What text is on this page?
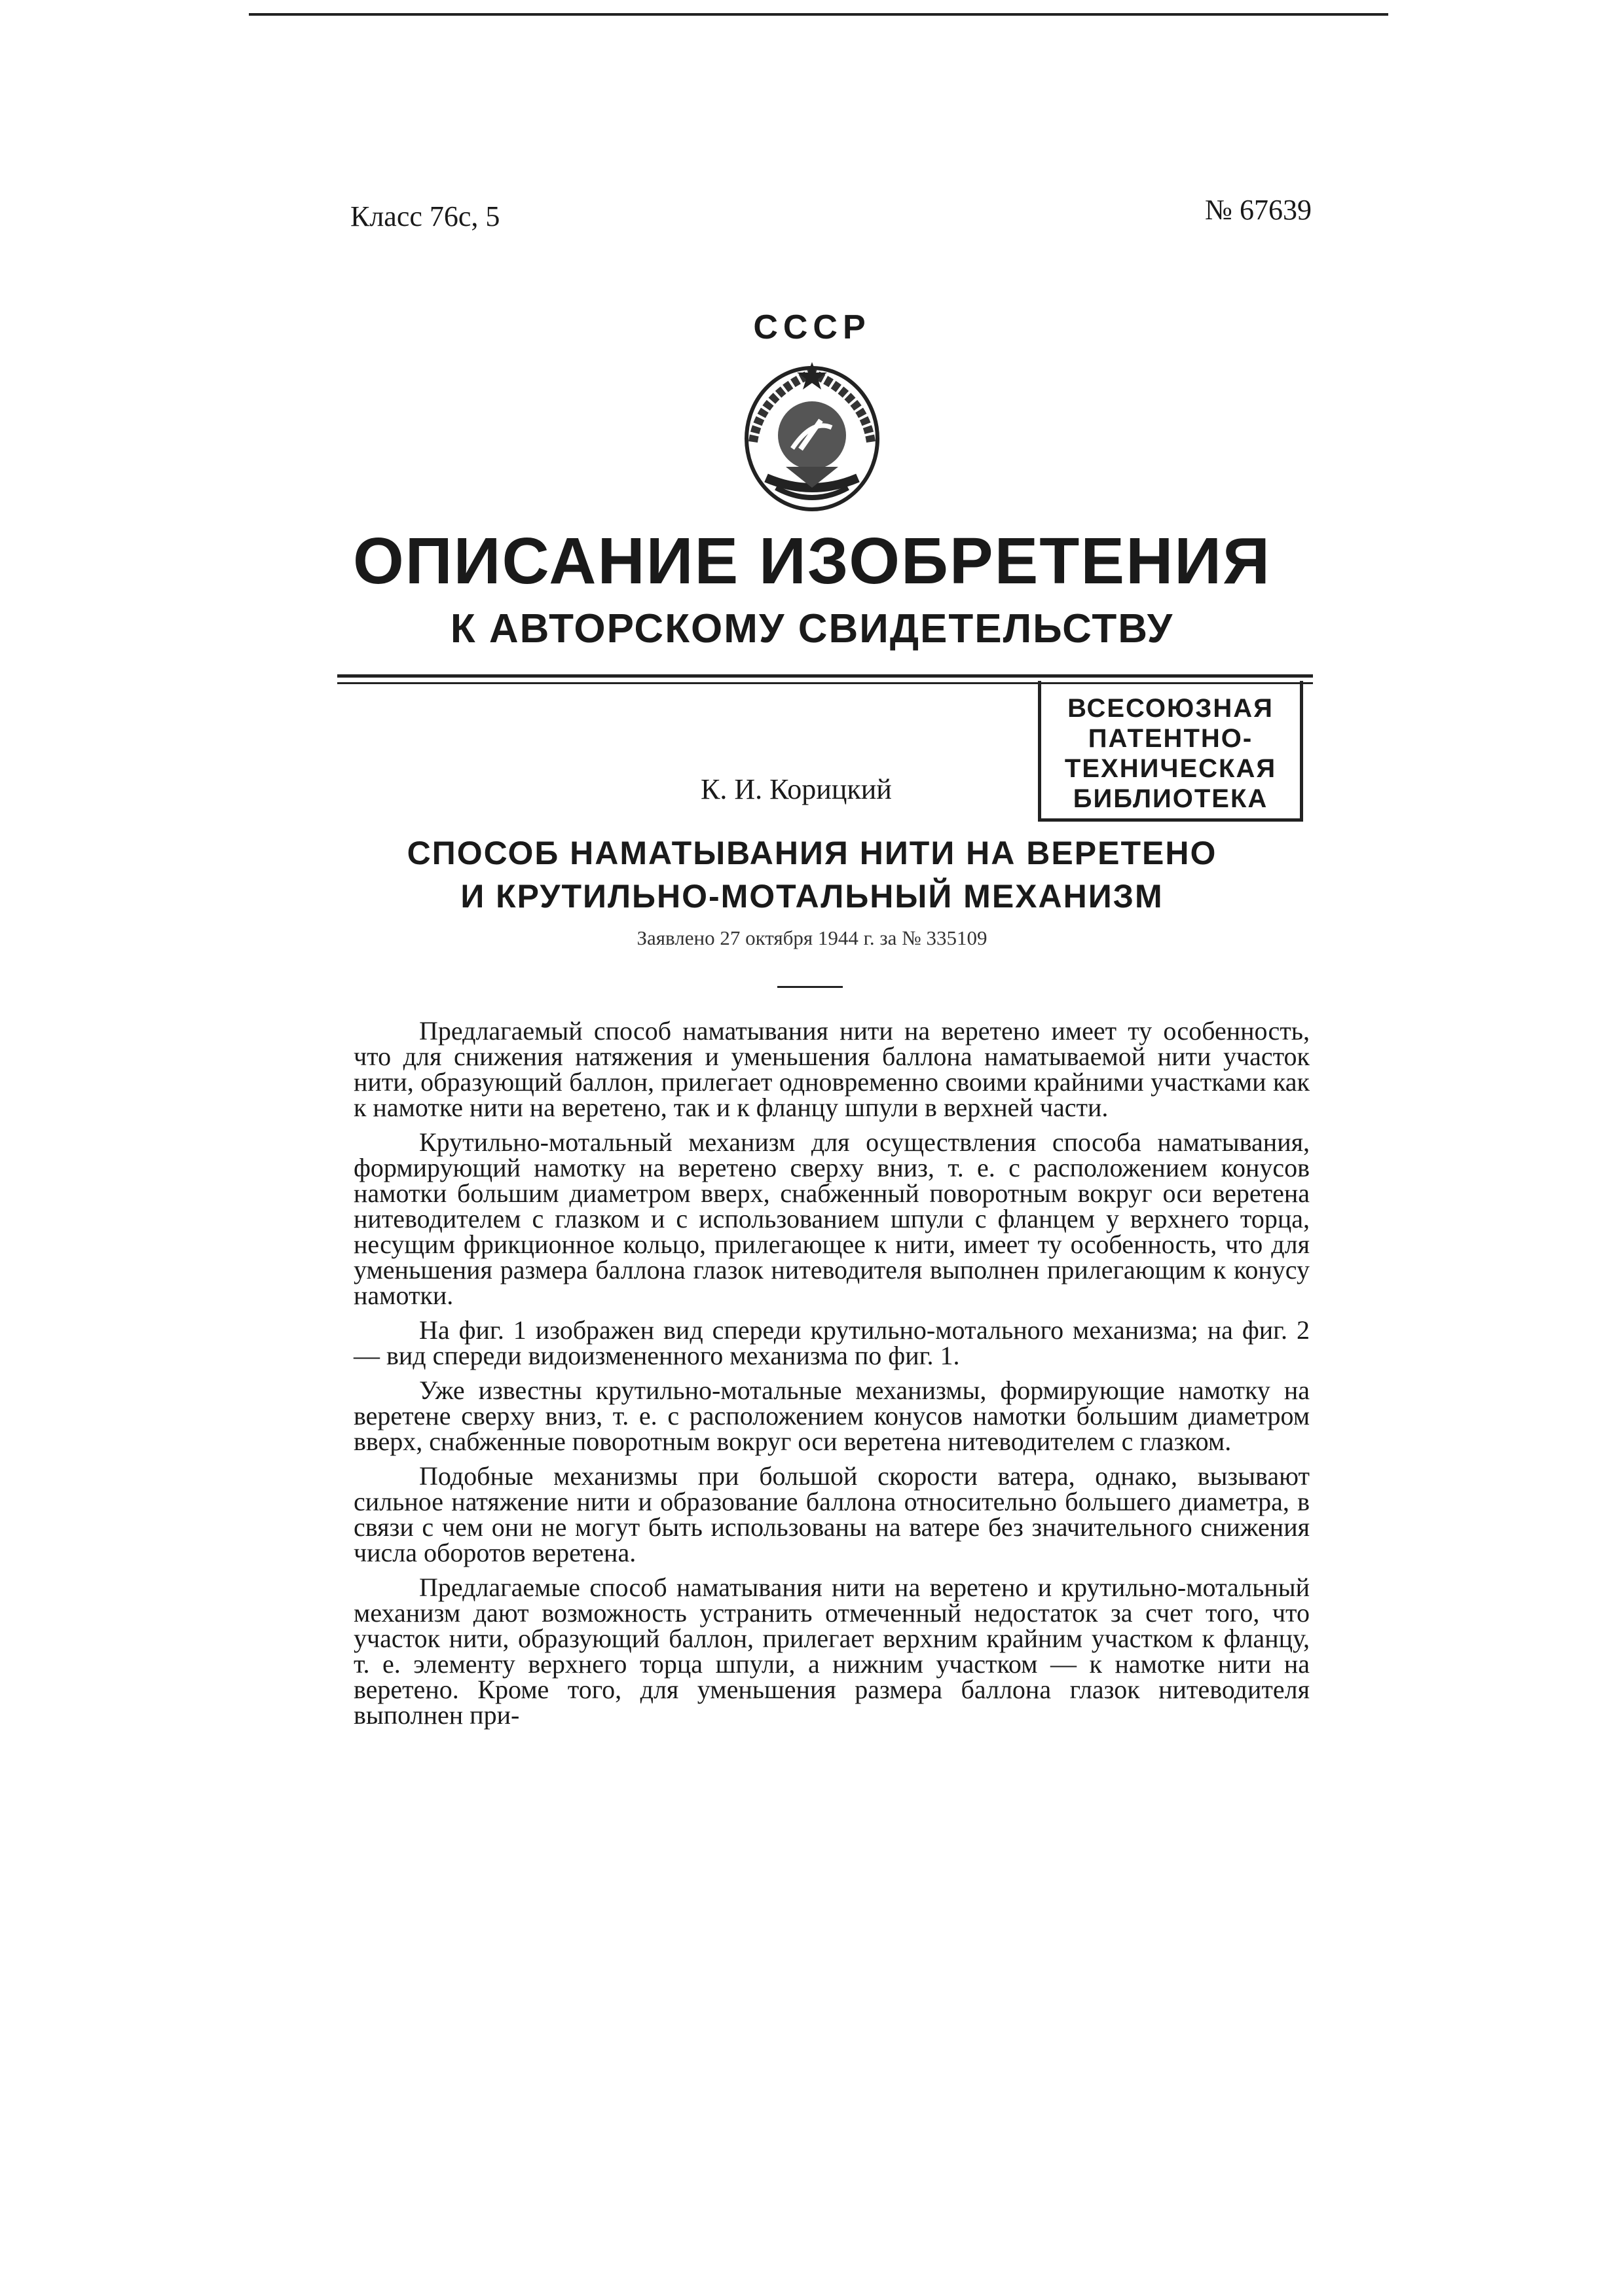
Класс 76с, 5	№ 67639
СССР
ОПИСАНИЕ ИЗОБРЕТЕНИЯ
К АВТОРСКОМУ СВИДЕТЕЛЬСТВУ
ВСЕСОЮЗНАЯ
ПАТЕНТНО-
ТЕХНИЧЕСКАЯ
БИБЛИОТЕКА
К. И. Корицкий
СПОСОБ НАМАТЫВАНИЯ НИТИ НА ВЕРЕТЕНО
И КРУТИЛЬНО-МОТАЛЬНЫЙ МЕХАНИЗМ
Заявлено 27 октября 1944 г. за № 335109

Предлагаемый способ наматывания нити на веретено имеет ту особенность, что для снижения натяжения и уменьшения баллона наматываемой нити участок нити, образующий баллон, прилегает одновременно своими крайними участками как к намотке нити на веретено, так и к фланцу шпули в верхней части.

Крутильно-мотальный механизм для осуществления способа наматывания, формирующий намотку на веретено сверху вниз, т. е. с расположением конусов намотки большим диаметром вверх, снабженный поворотным вокруг оси веретена нитеводителем с глазком и с использованием шпули с фланцем у верхнего торца, несущим фрикционное кольцо, прилегающее к нити, имеет ту особенность, что для уменьшения размера баллона глазок нитеводителя выполнен прилегающим к конусу намотки.

На фиг. 1 изображен вид спереди крутильно-мотального механизма; на фиг. 2 — вид спереди видоизмененного механизма по фиг. 1.

Уже известны крутильно-мотальные механизмы, формирующие намотку на веретене сверху вниз, т. е. с расположением конусов намотки большим диаметром вверх, снабженные поворотным вокруг оси веретена нитеводителем с глазком.

Подобные механизмы при большой скорости ватера, однако, вызывают сильное натяжение нити и образование баллона относительно большего диаметра, в связи с чем они не могут быть использованы на ватере без значительного снижения числа оборотов веретена.

Предлагаемые способ наматывания нити на веретено и крутильно-мотальный механизм дают возможность устранить отмеченный недостаток за счет того, что участок нити, образующий баллон, прилегает верхним крайним участком к фланцу, т. е. элементу верхнего торца шпули, а нижним участком — к намотке нити на веретено. Кроме того, для уменьшения размера баллона глазок нитеводителя выполнен при-
